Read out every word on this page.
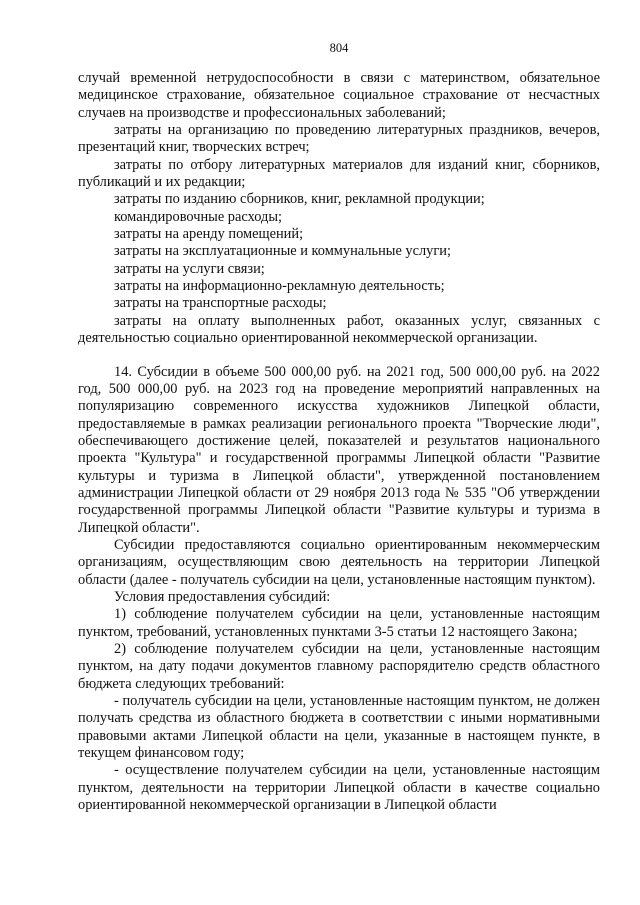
804

случай временной нетрудоспособности в связи с материнством, обязательное медицинское страхование, обязательное социальное страхование от несчастных случаев на производстве и профессиональных заболеваний;

затраты на организацию по проведению литературных праздников, вечеров, презентаций книг, творческих встреч;

затраты по отбору литературных материалов для изданий книг, сборников, публикаций и их редакции;

затраты по изданию сборников, книг, рекламной продукции;

командировочные расходы;

затраты на аренду помещений;

затраты на эксплуатационные и коммунальные услуги;

затраты на услуги связи;

затраты на информационно-рекламную деятельность;

затраты на транспортные расходы;

затраты на оплату выполненных работ, оказанных услуг, связанных с деятельностью социально ориентированной некоммерческой организации.

14. Субсидии в объеме 500 000,00 руб. на 2021 год, 500 000,00 руб. на 2022 год, 500 000,00 руб. на 2023 год на проведение мероприятий направленных на популяризацию современного искусства художников Липецкой области, предоставляемые в рамках реализации регионального проекта "Творческие люди", обеспечивающего достижение целей, показателей и результатов национального проекта "Культура" и государственной программы Липецкой области "Развитие культуры и туризма в Липецкой области", утвержденной постановлением администрации Липецкой области от 29 ноября 2013 года № 535 "Об утверждении государственной программы Липецкой области "Развитие культуры и туризма в Липецкой области".

Субсидии предоставляются социально ориентированным некоммерческим организациям, осуществляющим свою деятельность на территории Липецкой области (далее - получатель субсидии на цели, установленные настоящим пунктом).

Условия предоставления субсидий:

1) соблюдение получателем субсидии на цели, установленные настоящим пунктом, требований, установленных пунктами 3-5 статьи 12 настоящего Закона;

2) соблюдение получателем субсидии на цели, установленные настоящим пунктом, на дату подачи документов главному распорядителю средств областного бюджета следующих требований:

- получатель субсидии на цели, установленные настоящим пунктом, не должен получать средства из областного бюджета в соответствии с иными нормативными правовыми актами Липецкой области на цели, указанные в настоящем пункте, в текущем финансовом году;

- осуществление получателем субсидии на цели, установленные настоящим пунктом, деятельности на территории Липецкой области в качестве социально ориентированной некоммерческой организации в Липецкой области
